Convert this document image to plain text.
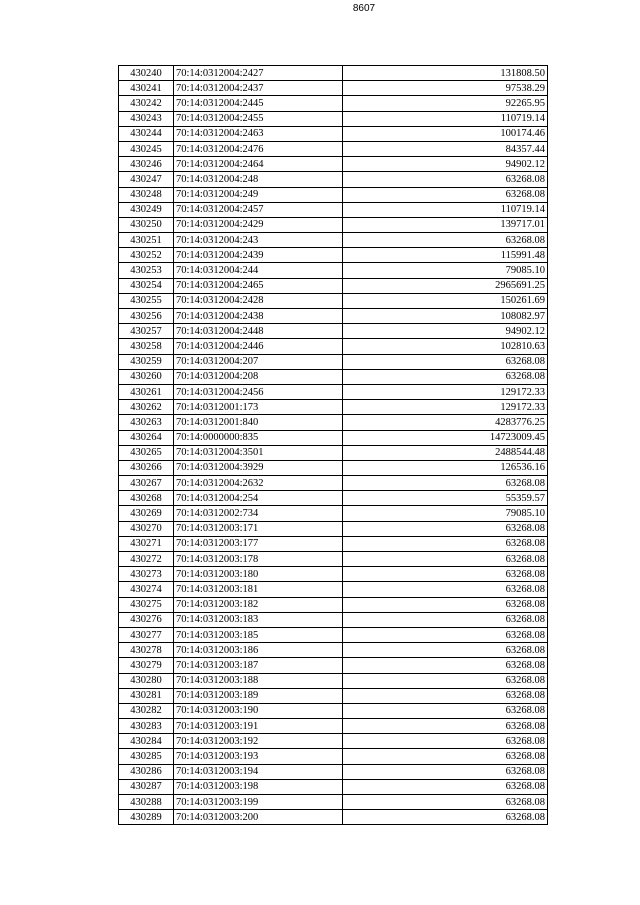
8607
430240	70:14:0312004:2427	131808.50
430241	70:14:0312004:2437	97538.29
430242	70:14:0312004:2445	92265.95
430243	70:14:0312004:2455	110719.14
430244	70:14:0312004:2463	100174.46
430245	70:14:0312004:2476	84357.44
430246	70:14:0312004:2464	94902.12
430247	70:14:0312004:248	63268.08
430248	70:14:0312004:249	63268.08
430249	70:14:0312004:2457	110719.14
430250	70:14:0312004:2429	139717.01
430251	70:14:0312004:243	63268.08
430252	70:14:0312004:2439	115991.48
430253	70:14:0312004:244	79085.10
430254	70:14:0312004:2465	2965691.25
430255	70:14:0312004:2428	150261.69
430256	70:14:0312004:2438	108082.97
430257	70:14:0312004:2448	94902.12
430258	70:14:0312004:2446	102810.63
430259	70:14:0312004:207	63268.08
430260	70:14:0312004:208	63268.08
430261	70:14:0312004:2456	129172.33
430262	70:14:0312001:173	129172.33
430263	70:14:0312001:840	4283776.25
430264	70:14:0000000:835	14723009.45
430265	70:14:0312004:3501	2488544.48
430266	70:14:0312004:3929	126536.16
430267	70:14:0312004:2632	63268.08
430268	70:14:0312004:254	55359.57
430269	70:14:0312002:734	79085.10
430270	70:14:0312003:171	63268.08
430271	70:14:0312003:177	63268.08
430272	70:14:0312003:178	63268.08
430273	70:14:0312003:180	63268.08
430274	70:14:0312003:181	63268.08
430275	70:14:0312003:182	63268.08
430276	70:14:0312003:183	63268.08
430277	70:14:0312003:185	63268.08
430278	70:14:0312003:186	63268.08
430279	70:14:0312003:187	63268.08
430280	70:14:0312003:188	63268.08
430281	70:14:0312003:189	63268.08
430282	70:14:0312003:190	63268.08
430283	70:14:0312003:191	63268.08
430284	70:14:0312003:192	63268.08
430285	70:14:0312003:193	63268.08
430286	70:14:0312003:194	63268.08
430287	70:14:0312003:198	63268.08
430288	70:14:0312003:199	63268.08
430289	70:14:0312003:200	63268.08
